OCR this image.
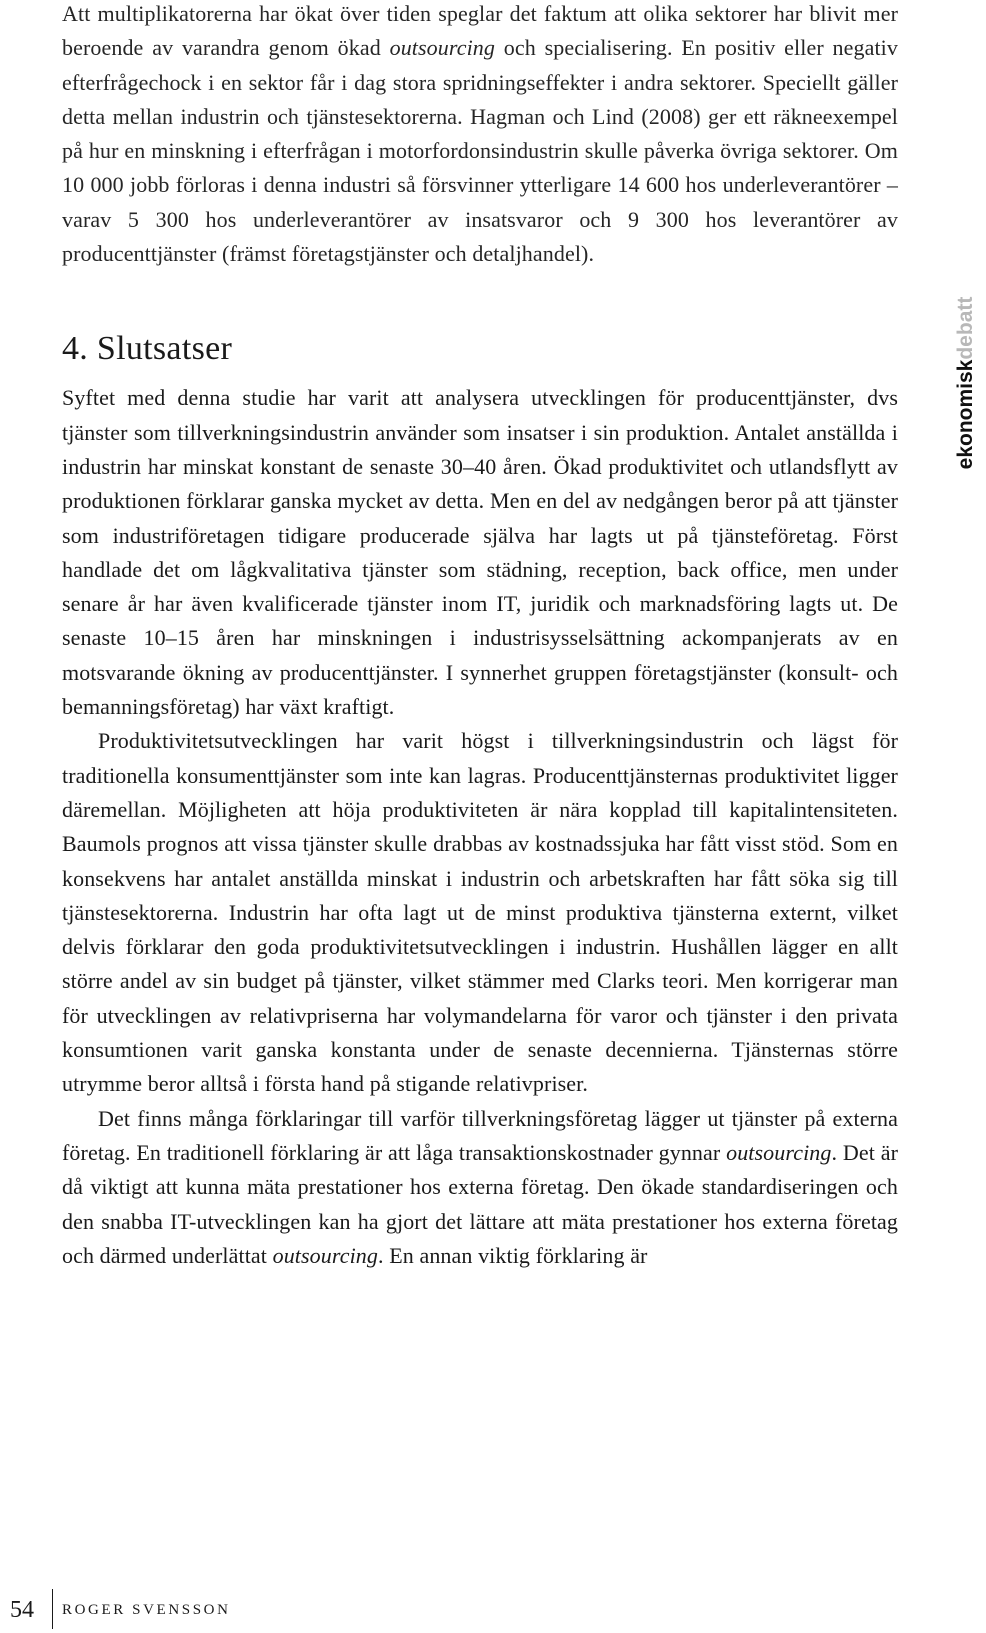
Att multiplikatorerna har ökat över tiden speglar det faktum att olika sektorer har blivit mer beroende av varandra genom ökad outsourcing och specialisering. En positiv eller negativ efterfrågechock i en sektor får i dag stora spridningseffekter i andra sektorer. Speciellt gäller detta mellan industrin och tjänstesektorerna. Hagman och Lind (2008) ger ett räkneexempel på hur en minskning i efterfrågan i motorfordonsindustrin skulle påverka övriga sektorer. Om 10 000 jobb förloras i denna industri så försvinner ytterligare 14 600 hos underleverantörer – varav 5 300 hos underleverantörer av insatsvaror och 9 300 hos leverantörer av producenttjänster (främst företagstjänster och detaljhandel).

4. Slutsatser

Syftet med denna studie har varit att analysera utvecklingen för producenttjänster, dvs tjänster som tillverkningsindustrin använder som insatser i sin produktion. Antalet anställda i industrin har minskat konstant de senaste 30–40 åren. Ökad produktivitet och utlandsflytt av produktionen förklarar ganska mycket av detta. Men en del av nedgången beror på att tjänster som industriföretagen tidigare producerade själva har lagts ut på tjänsteföretag. Först handlade det om lågkvalitativa tjänster som städning, reception, back office, men under senare år har även kvalificerade tjänster inom IT, juridik och marknadsföring lagts ut. De senaste 10–15 åren har minskningen i industrisysselsättning ackompanjerats av en motsvarande ökning av producenttjänster. I synnerhet gruppen företagstjänster (konsult- och bemanningsföretag) har växt kraftigt.

Produktivitetsutvecklingen har varit högst i tillverkningsindustrin och lägst för traditionella konsumenttjänster som inte kan lagras. Producenttjänsternas produktivitet ligger däremellan. Möjligheten att höja produktiviteten är nära kopplad till kapitalintensiteten. Baumols prognos att vissa tjänster skulle drabbas av kostnadssjuka har fått visst stöd. Som en konsekvens har antalet anställda minskat i industrin och arbetskraften har fått söka sig till tjänstesektorerna. Industrin har ofta lagt ut de minst produktiva tjänsterna externt, vilket delvis förklarar den goda produktivitetsutvecklingen i industrin. Hushållen lägger en allt större andel av sin budget på tjänster, vilket stämmer med Clarks teori. Men korrigerar man för utvecklingen av relativpriserna har volymandelarna för varor och tjänster i den privata konsumtionen varit ganska konstanta under de senaste decennierna. Tjänsternas större utrymme beror alltså i första hand på stigande relativpriser.

Det finns många förklaringar till varför tillverkningsföretag lägger ut tjänster på externa företag. En traditionell förklaring är att låga transaktionskostnader gynnar outsourcing. Det är då viktigt att kunna mäta prestationer hos externa företag. Den ökade standardiseringen och den snabba IT-utvecklingen kan ha gjort det lättare att mäta prestationer hos externa företag och därmed underlättat outsourcing. En annan viktig förklaring är

ekonomiskdebatt
54 ROGER SVENSSON
